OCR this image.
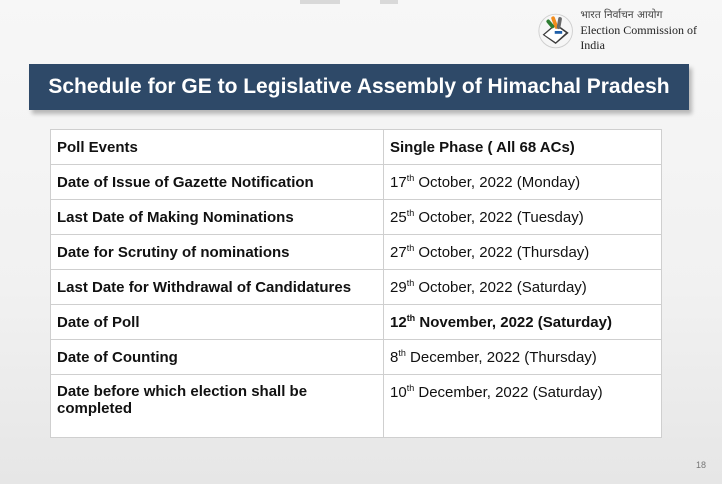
भारत निर्वाचन आयोग
Election Commission of India
Schedule for GE to Legislative Assembly of Himachal Pradesh
Poll Events	Single Phase ( All 68 ACs)
Date of Issue of Gazette Notification	17th October, 2022 (Monday)
Last Date of Making Nominations	25th October, 2022 (Tuesday)
Date for Scrutiny of nominations	27th October, 2022 (Thursday)
Last Date for Withdrawal of Candidatures	29th October, 2022 (Saturday)
Date of Poll	12th November, 2022 (Saturday)
Date of Counting	8th December, 2022 (Thursday)
Date before which election shall be completed	10th December, 2022 (Saturday)
18
